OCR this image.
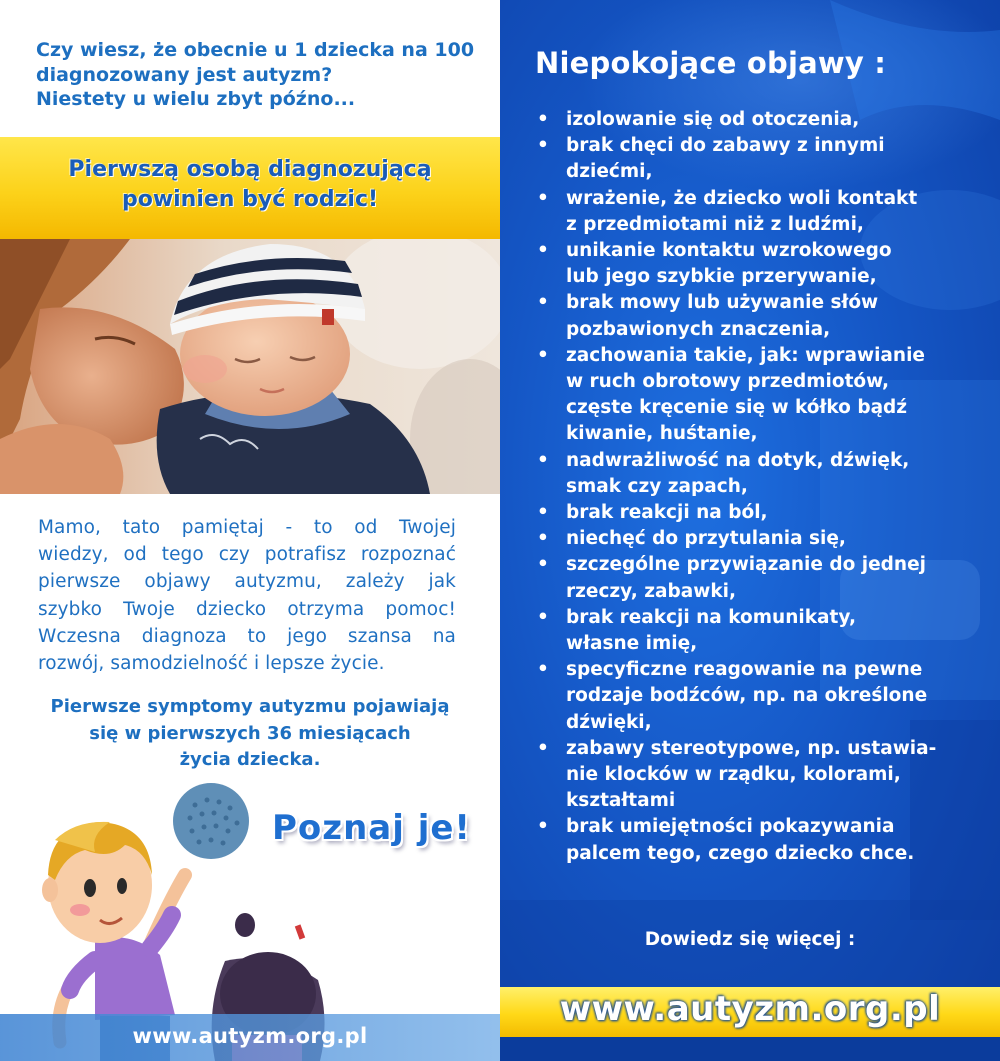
Czy wiesz, że obecnie u 1 dziecka na 100
diagnozowany jest autyzm?
Niestety u wielu zbyt późno...
Pierwszą osobą diagnozującą
powinien być rodzic!
Mamo, tato pamiętaj - to od Twojej
wiedzy, od tego czy potrafisz rozpoznać
pierwsze objawy autyzmu, zależy jak
szybko Twoje dziecko otrzyma pomoc!
Wczesna diagnoza to jego szansa na
rozwój, samodzielność i lepsze życie.
Pierwsze symptomy autyzmu pojawiają
się w pierwszych 36 miesiącach
życia dziecka.
Poznaj je!
www.autyzm.org.pl
Niepokojące objawy :
• izolowanie się od otoczenia,
• brak chęci do zabawy z innymi
dziećmi,
• wrażenie, że dziecko woli kontakt
z przedmiotami niż z ludźmi,
• unikanie kontaktu wzrokowego
lub jego szybkie przerywanie,
• brak mowy lub używanie słów
pozbawionych znaczenia,
• zachowania takie, jak: wprawianie
w ruch obrotowy przedmiotów,
częste kręcenie się w kółko bądź
kiwanie, huśtanie,
• nadwrażliwość na dotyk, dźwięk,
smak czy zapach,
• brak reakcji na ból,
• niechęć do przytulania się,
• szczególne przywiązanie do jednej
rzeczy, zabawki,
• brak reakcji na komunikaty,
własne imię,
• specyficzne reagowanie na pewne
rodzaje bodźców, np. na określone
dźwięki,
• zabawy stereotypowe, np. ustawia-
nie klocków w rządku, kolorami,
kształtami
• brak umiejętności pokazywania
palcem tego, czego dziecko chce.
Dowiedz się więcej :
www.autyzm.org.pl
